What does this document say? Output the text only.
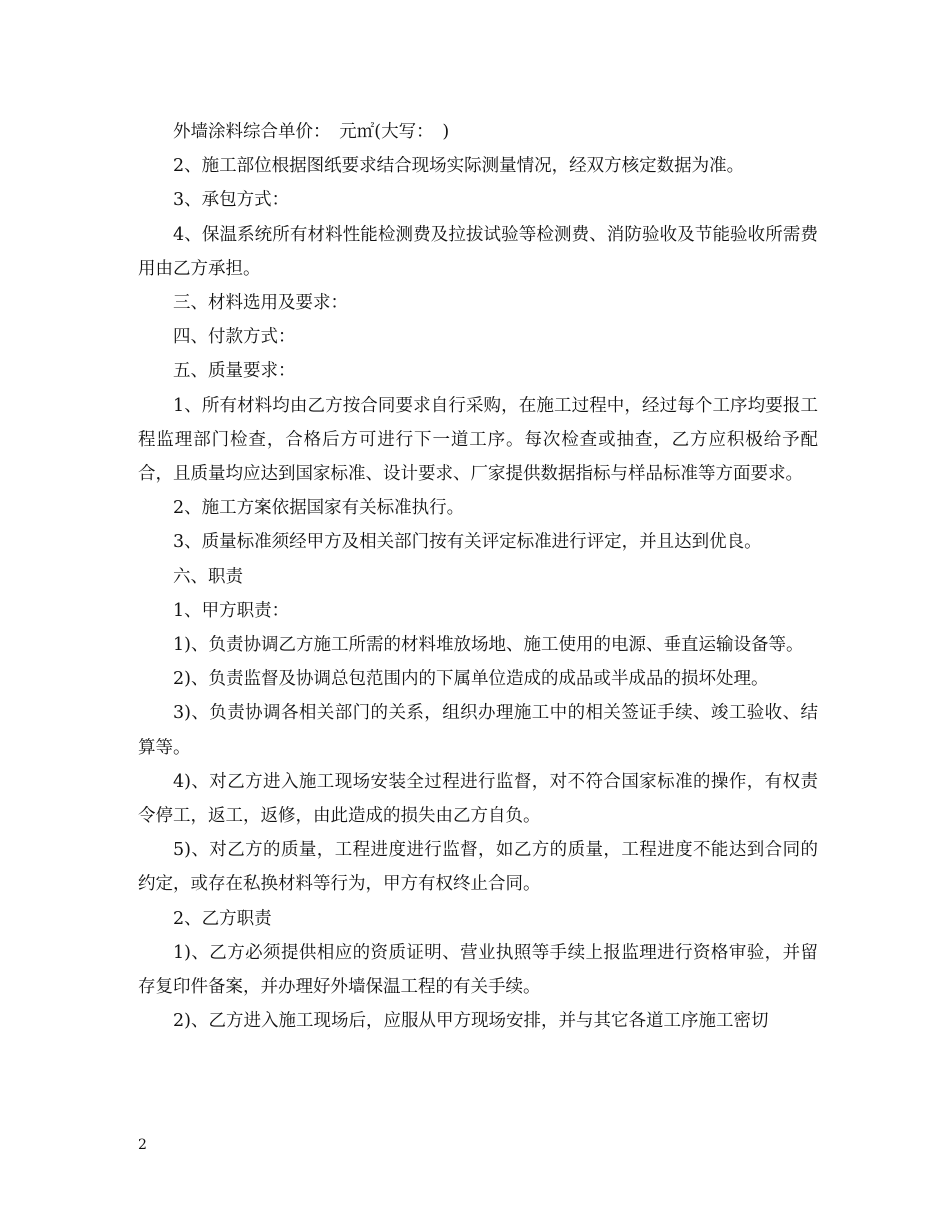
外墙涂料综合单价：　元㎡(大写：　)

2、施工部位根据图纸要求结合现场实际测量情况，经双方核定数据为准。

3、承包方式：

4、保温系统所有材料性能检测费及拉拔试验等检测费、消防验收及节能验收所需费用由乙方承担。

三、材料选用及要求：

四、付款方式：

五、质量要求：

1、所有材料均由乙方按合同要求自行采购，在施工过程中，经过每个工序均要报工程监理部门检查，合格后方可进行下一道工序。每次检查或抽查，乙方应积极给予配合，且质量均应达到国家标准、设计要求、厂家提供数据指标与样品标准等方面要求。

2、施工方案依据国家有关标准执行。

3、质量标准须经甲方及相关部门按有关评定标准进行评定，并且达到优良。

六、职责

1、甲方职责：

1)、负责协调乙方施工所需的材料堆放场地、施工使用的电源、垂直运输设备等。

2)、负责监督及协调总包范围内的下属单位造成的成品或半成品的损坏处理。

3)、负责协调各相关部门的关系，组织办理施工中的相关签证手续、竣工验收、结算等。

4)、对乙方进入施工现场安装全过程进行监督，对不符合国家标准的操作，有权责令停工，返工，返修，由此造成的损失由乙方自负。

5)、对乙方的质量，工程进度进行监督，如乙方的质量，工程进度不能达到合同的约定，或存在私换材料等行为，甲方有权终止合同。

2、乙方职责

1)、乙方必须提供相应的资质证明、营业执照等手续上报监理进行资格审验，并留存复印件备案，并办理好外墙保温工程的有关手续。

2)、乙方进入施工现场后，应服从甲方现场安排，并与其它各道工序施工密切

2
